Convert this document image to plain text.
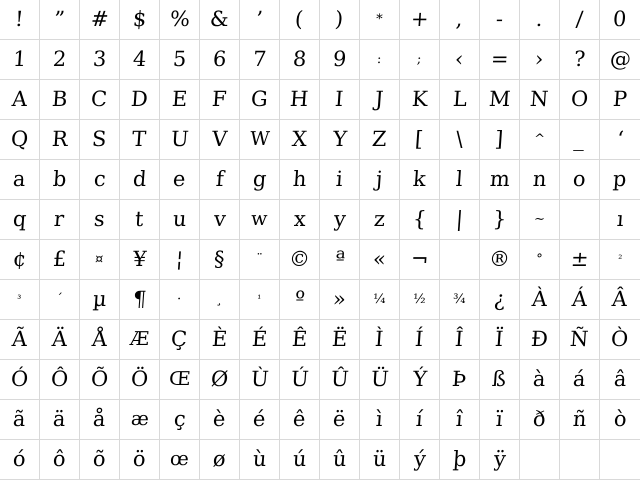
! ” # $ % & ’ ( ) * + , - . / 0
1 2 3 4 5 6 7 8 9 :	; ‹ = › ? @
A B C D E F G H I J K L M N O P
Q R S T U V W X Y Z [ \ ] ^ _ ‘
a b c d e f g h i j k l m n o p
q r s t u v w x y z { | } ~	ı
¢ £ ¤ ¥ ¦ § ¨ © ª « ¬  ® ° ±	²
³	´ µ ¶ ·	¸	¹ º » ¼ ½ ¾ ¿ À Á Â
Ã Ä Å Æ Ç È É Ê Ë Ì Í Î Ï Ð Ñ Ò
Ó Ô Õ Ö Œ Ø Ù Ú Û Ü Ý Þ ß à á â
ã ä å æ ç è é ê ë ì í î ï ð ñ ò
ó ô õ ö œ ø ù ú û ü ý þ ÿ
